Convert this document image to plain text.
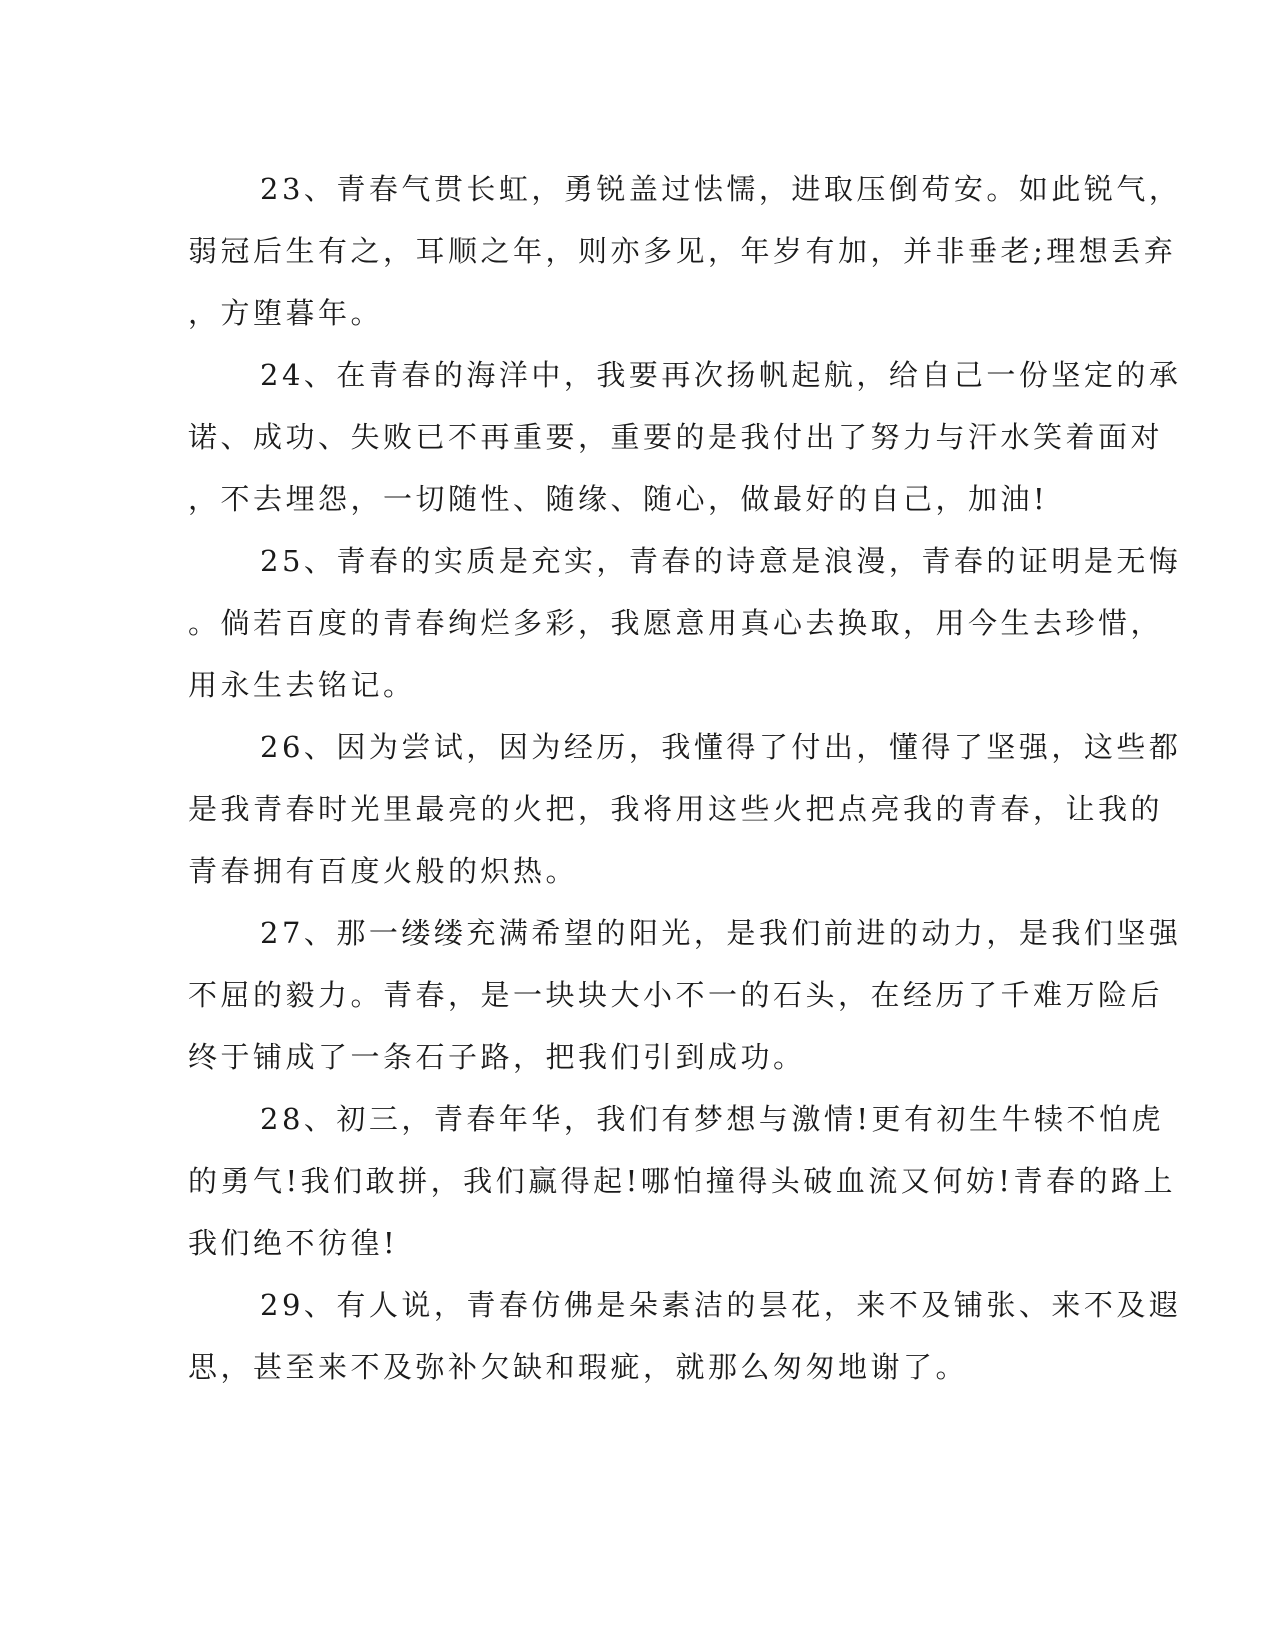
23、青春气贯长虹，勇锐盖过怯懦，进取压倒苟安。如此锐气，
弱冠后生有之，耳顺之年，则亦多见，年岁有加，并非垂老;理想丢弃
，方堕暮年。

24、在青春的海洋中，我要再次扬帆起航，给自己一份坚定的承
诺、成功、失败已不再重要，重要的是我付出了努力与汗水笑着面对
，不去埋怨，一切随性、随缘、随心，做最好的自己，加油!

25、青春的实质是充实，青春的诗意是浪漫，青春的证明是无悔
。倘若百度的青春绚烂多彩，我愿意用真心去换取，用今生去珍惜，
用永生去铭记。

26、因为尝试，因为经历，我懂得了付出，懂得了坚强，这些都
是我青春时光里最亮的火把，我将用这些火把点亮我的青春，让我的
青春拥有百度火般的炽热。

27、那一缕缕充满希望的阳光，是我们前进的动力，是我们坚强
不屈的毅力。青春，是一块块大小不一的石头，在经历了千难万险后
终于铺成了一条石子路，把我们引到成功。

28、初三，青春年华，我们有梦想与激情!更有初生牛犊不怕虎
的勇气!我们敢拼，我们赢得起!哪怕撞得头破血流又何妨!青春的路上
我们绝不彷徨!

29、有人说，青春仿佛是朵素洁的昙花，来不及铺张、来不及遐
思，甚至来不及弥补欠缺和瑕疵，就那么匆匆地谢了。
